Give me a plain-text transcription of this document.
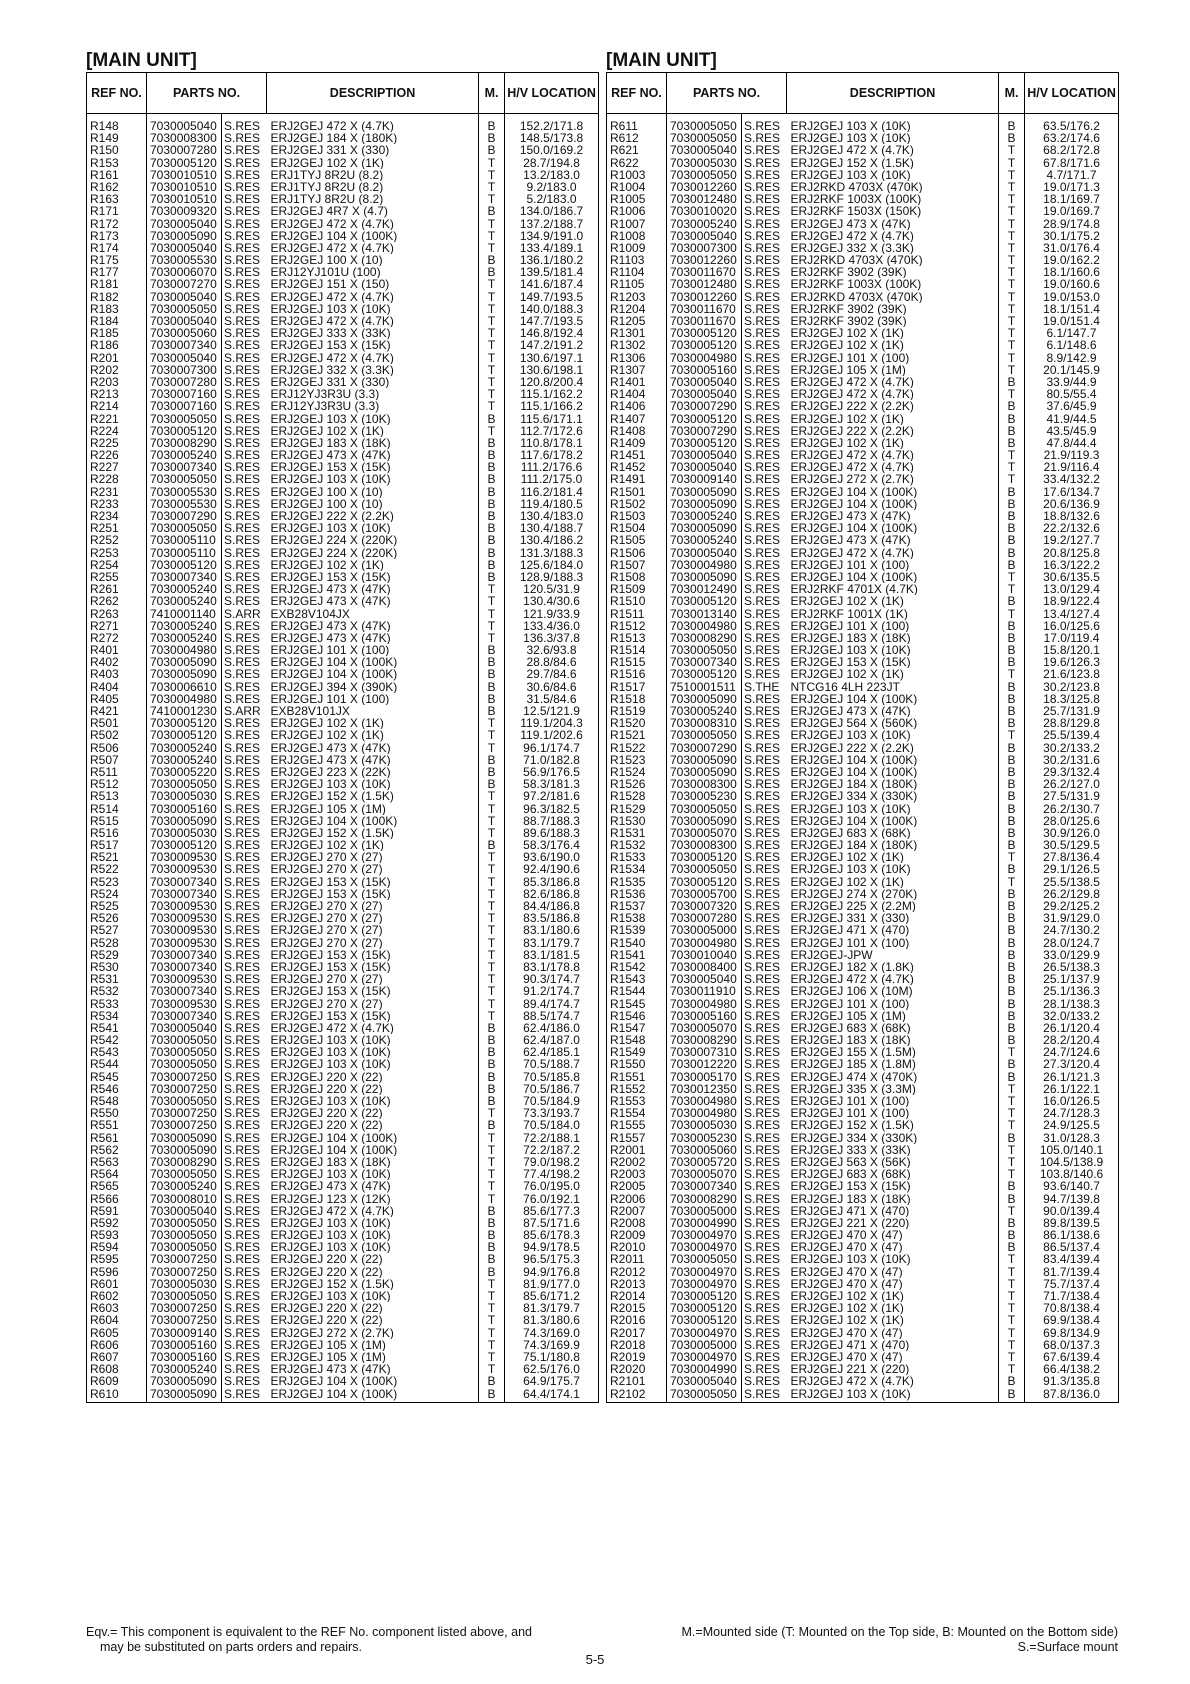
[MAIN UNIT]
REF NO.	PARTS NO.		DESCRIPTION	M.	H/V LOCATION
R148	7030005040	S.RES	ERJ2GEJ 472 X (4.7K)	B	152.2/171.8
R149	7030008300	S.RES	ERJ2GEJ 184 X (180K)	B	148.5/173.8
R150	7030007280	S.RES	ERJ2GEJ 331 X (330)	B	150.0/169.2
R153	7030005120	S.RES	ERJ2GEJ 102 X (1K)	T	28.7/194.8
R161	7030010510	S.RES	ERJ1TYJ 8R2U (8.2)	T	13.2/183.0
R162	7030010510	S.RES	ERJ1TYJ 8R2U (8.2)	T	9.2/183.0
R163	7030010510	S.RES	ERJ1TYJ 8R2U (8.2)	T	5.2/183.0
R171	7030009320	S.RES	ERJ2GEJ 4R7 X (4.7)	B	134.0/186.7
R172	7030005040	S.RES	ERJ2GEJ 472 X (4.7K)	T	137.2/188.7
R173	7030005090	S.RES	ERJ2GEJ 104 X (100K)	T	134.9/191.0
R174	7030005040	S.RES	ERJ2GEJ 472 X (4.7K)	T	133.4/189.1
R175	7030005530	S.RES	ERJ2GEJ 100 X (10)	B	136.1/180.2
R177	7030006070	S.RES	ERJ12YJ101U (100)	B	139.5/181.4
R181	7030007270	S.RES	ERJ2GEJ 151 X (150)	T	141.6/187.4
R182	7030005040	S.RES	ERJ2GEJ 472 X (4.7K)	T	149.7/193.5
R183	7030005050	S.RES	ERJ2GEJ 103 X (10K)	T	140.0/188.3
R184	7030005040	S.RES	ERJ2GEJ 472 X (4.7K)	T	147.7/193.5
R185	7030005060	S.RES	ERJ2GEJ 333 X (33K)	T	146.8/192.4
R186	7030007340	S.RES	ERJ2GEJ 153 X (15K)	T	147.2/191.2
R201	7030005040	S.RES	ERJ2GEJ 472 X (4.7K)	T	130.6/197.1
R202	7030007300	S.RES	ERJ2GEJ 332 X (3.3K)	T	130.6/198.1
R203	7030007280	S.RES	ERJ2GEJ 331 X (330)	T	120.8/200.4
R213	7030007160	S.RES	ERJ12YJ3R3U (3.3)	T	115.1/162.2
R214	7030007160	S.RES	ERJ12YJ3R3U (3.3)	T	115.1/166.2
R221	7030005050	S.RES	ERJ2GEJ 103 X (10K)	B	115.6/171.1
R224	7030005120	S.RES	ERJ2GEJ 102 X (1K)	T	112.7/172.6
R225	7030008290	S.RES	ERJ2GEJ 183 X (18K)	B	110.8/178.1
R226	7030005240	S.RES	ERJ2GEJ 473 X (47K)	B	117.6/178.2
R227	7030007340	S.RES	ERJ2GEJ 153 X (15K)	B	111.2/176.6
R228	7030005050	S.RES	ERJ2GEJ 103 X (10K)	B	111.2/175.0
R231	7030005530	S.RES	ERJ2GEJ 100 X (10)	B	116.2/181.4
R233	7030005530	S.RES	ERJ2GEJ 100 X (10)	B	119.4/180.5
R234	7030007290	S.RES	ERJ2GEJ 222 X (2.2K)	B	130.4/183.0
R251	7030005050	S.RES	ERJ2GEJ 103 X (10K)	B	130.4/188.7
R252	7030005110	S.RES	ERJ2GEJ 224 X (220K)	B	130.4/186.2
R253	7030005110	S.RES	ERJ2GEJ 224 X (220K)	B	131.3/188.3
R254	7030005120	S.RES	ERJ2GEJ 102 X (1K)	B	125.6/184.0
R255	7030007340	S.RES	ERJ2GEJ 153 X (15K)	B	128.9/188.3
R261	7030005240	S.RES	ERJ2GEJ 473 X (47K)	T	120.5/31.9
R262	7030005240	S.RES	ERJ2GEJ 473 X (47K)	T	130.4/30.6
R263	7410001140	S.ARR	EXB28V104JX	T	121.9/33.9
R271	7030005240	S.RES	ERJ2GEJ 473 X (47K)	T	133.4/36.0
R272	7030005240	S.RES	ERJ2GEJ 473 X (47K)	T	136.3/37.8
R401	7030004980	S.RES	ERJ2GEJ 101 X (100)	B	32.6/93.8
R402	7030005090	S.RES	ERJ2GEJ 104 X (100K)	B	28.8/84.6
R403	7030005090	S.RES	ERJ2GEJ 104 X (100K)	B	29.7/84.6
R404	7030006610	S.RES	ERJ2GEJ 394 X (390K)	B	30.6/84.6
R405	7030004980	S.RES	ERJ2GEJ 101 X (100)	B	31.5/84.6
R421	7410001230	S.ARR	EXB28V101JX	B	12.5/121.9
R501	7030005120	S.RES	ERJ2GEJ 102 X (1K)	T	119.1/204.3
R502	7030005120	S.RES	ERJ2GEJ 102 X (1K)	T	119.1/202.6
R506	7030005240	S.RES	ERJ2GEJ 473 X (47K)	T	96.1/174.7
R507	7030005240	S.RES	ERJ2GEJ 473 X (47K)	B	71.0/182.8
R511	7030005220	S.RES	ERJ2GEJ 223 X (22K)	B	56.9/176.5
R512	7030005050	S.RES	ERJ2GEJ 103 X (10K)	B	58.3/181.3
R513	7030005030	S.RES	ERJ2GEJ 152 X (1.5K)	T	97.2/181.6
R514	7030005160	S.RES	ERJ2GEJ 105 X (1M)	T	96.3/182.5
R515	7030005090	S.RES	ERJ2GEJ 104 X (100K)	T	88.7/188.3
R516	7030005030	S.RES	ERJ2GEJ 152 X (1.5K)	T	89.6/188.3
R517	7030005120	S.RES	ERJ2GEJ 102 X (1K)	B	58.3/176.4
R521	7030009530	S.RES	ERJ2GEJ 270 X (27)	T	93.6/190.0
R522	7030009530	S.RES	ERJ2GEJ 270 X (27)	T	92.4/190.6
R523	7030007340	S.RES	ERJ2GEJ 153 X (15K)	T	85.3/186.8
R524	7030007340	S.RES	ERJ2GEJ 153 X (15K)	T	82.6/186.8
R525	7030009530	S.RES	ERJ2GEJ 270 X (27)	T	84.4/186.8
R526	7030009530	S.RES	ERJ2GEJ 270 X (27)	T	83.5/186.8
R527	7030009530	S.RES	ERJ2GEJ 270 X (27)	T	83.1/180.6
R528	7030009530	S.RES	ERJ2GEJ 270 X (27)	T	83.1/179.7
R529	7030007340	S.RES	ERJ2GEJ 153 X (15K)	T	83.1/181.5
R530	7030007340	S.RES	ERJ2GEJ 153 X (15K)	T	83.1/178.8
R531	7030009530	S.RES	ERJ2GEJ 270 X (27)	T	90.3/174.7
R532	7030007340	S.RES	ERJ2GEJ 153 X (15K)	T	91.2/174.7
R533	7030009530	S.RES	ERJ2GEJ 270 X (27)	T	89.4/174.7
R534	7030007340	S.RES	ERJ2GEJ 153 X (15K)	T	88.5/174.7
R541	7030005040	S.RES	ERJ2GEJ 472 X (4.7K)	B	62.4/186.0
R542	7030005050	S.RES	ERJ2GEJ 103 X (10K)	B	62.4/187.0
R543	7030005050	S.RES	ERJ2GEJ 103 X (10K)	B	62.4/185.1
R544	7030005050	S.RES	ERJ2GEJ 103 X (10K)	B	70.5/188.7
R545	7030007250	S.RES	ERJ2GEJ 220 X (22)	B	70.5/185.8
R546	7030007250	S.RES	ERJ2GEJ 220 X (22)	B	70.5/186.7
R548	7030005050	S.RES	ERJ2GEJ 103 X (10K)	B	70.5/184.9
R550	7030007250	S.RES	ERJ2GEJ 220 X (22)	T	73.3/193.7
R551	7030007250	S.RES	ERJ2GEJ 220 X (22)	B	70.5/184.0
R561	7030005090	S.RES	ERJ2GEJ 104 X (100K)	T	72.2/188.1
R562	7030005090	S.RES	ERJ2GEJ 104 X (100K)	T	72.2/187.2
R563	7030008290	S.RES	ERJ2GEJ 183 X (18K)	T	79.0/198.2
R564	7030005050	S.RES	ERJ2GEJ 103 X (10K)	T	77.4/198.2
R565	7030005240	S.RES	ERJ2GEJ 473 X (47K)	T	76.0/195.0
R566	7030008010	S.RES	ERJ2GEJ 123 X (12K)	T	76.0/192.1
R591	7030005040	S.RES	ERJ2GEJ 472 X (4.7K)	B	85.6/177.3
R592	7030005050	S.RES	ERJ2GEJ 103 X (10K)	B	87.5/171.6
R593	7030005050	S.RES	ERJ2GEJ 103 X (10K)	B	85.6/178.3
R594	7030005050	S.RES	ERJ2GEJ 103 X (10K)	B	94.9/178.5
R595	7030007250	S.RES	ERJ2GEJ 220 X (22)	B	96.5/175.3
R596	7030007250	S.RES	ERJ2GEJ 220 X (22)	B	94.9/176.8
R601	7030005030	S.RES	ERJ2GEJ 152 X (1.5K)	T	81.9/177.0
R602	7030005050	S.RES	ERJ2GEJ 103 X (10K)	T	85.6/171.2
R603	7030007250	S.RES	ERJ2GEJ 220 X (22)	T	81.3/179.7
R604	7030007250	S.RES	ERJ2GEJ 220 X (22)	T	81.3/180.6
R605	7030009140	S.RES	ERJ2GEJ 272 X (2.7K)	T	74.3/169.0
R606	7030005160	S.RES	ERJ2GEJ 105 X (1M)	T	74.3/169.9
R607	7030005160	S.RES	ERJ2GEJ 105 X (1M)	T	75.1/180.8
R608	7030005240	S.RES	ERJ2GEJ 473 X (47K)	T	62.5/176.0
R609	7030005090	S.RES	ERJ2GEJ 104 X (100K)	B	64.9/175.7
R610	7030005090	S.RES	ERJ2GEJ 104 X (100K)	B	64.4/174.1
[MAIN UNIT]
REF NO.	PARTS NO.		DESCRIPTION	M.	H/V LOCATION
R611	7030005050	S.RES	ERJ2GEJ 103 X (10K)	B	63.5/176.2
R612	7030005050	S.RES	ERJ2GEJ 103 X (10K)	B	63.2/174.6
R621	7030005040	S.RES	ERJ2GEJ 472 X (4.7K)	T	68.2/172.8
R622	7030005030	S.RES	ERJ2GEJ 152 X (1.5K)	T	67.8/171.6
R1003	7030005050	S.RES	ERJ2GEJ 103 X (10K)	T	4.7/171.7
R1004	7030012260	S.RES	ERJ2RKD 4703X (470K)	T	19.0/171.3
R1005	7030012480	S.RES	ERJ2RKF 1003X (100K)	T	18.1/169.7
R1006	7030010020	S.RES	ERJ2RKF 1503X (150K)	T	19.0/169.7
R1007	7030005240	S.RES	ERJ2GEJ 473 X (47K)	T	28.9/174.8
R1008	7030005040	S.RES	ERJ2GEJ 472 X (4.7K)	T	30.1/175.2
R1009	7030007300	S.RES	ERJ2GEJ 332 X (3.3K)	T	31.0/176.4
R1103	7030012260	S.RES	ERJ2RKD 4703X (470K)	T	19.0/162.2
R1104	7030011670	S.RES	ERJ2RKF 3902 (39K)	T	18.1/160.6
R1105	7030012480	S.RES	ERJ2RKF 1003X (100K)	T	19.0/160.6
R1203	7030012260	S.RES	ERJ2RKD 4703X (470K)	T	19.0/153.0
R1204	7030011670	S.RES	ERJ2RKF 3902 (39K)	T	18.1/151.4
R1205	7030011670	S.RES	ERJ2RKF 3902 (39K)	T	19.0/151.4
R1301	7030005120	S.RES	ERJ2GEJ 102 X (1K)	T	6.1/147.7
R1302	7030005120	S.RES	ERJ2GEJ 102 X (1K)	T	6.1/148.6
R1306	7030004980	S.RES	ERJ2GEJ 101 X (100)	T	8.9/142.9
R1307	7030005160	S.RES	ERJ2GEJ 105 X (1M)	T	20.1/145.9
R1401	7030005040	S.RES	ERJ2GEJ 472 X (4.7K)	B	33.9/44.9
R1404	7030005040	S.RES	ERJ2GEJ 472 X (4.7K)	T	80.5/55.4
R1406	7030007290	S.RES	ERJ2GEJ 222 X (2.2K)	B	37.6/45.9
R1407	7030005120	S.RES	ERJ2GEJ 102 X (1K)	B	41.9/44.5
R1408	7030007290	S.RES	ERJ2GEJ 222 X (2.2K)	B	43.5/45.9
R1409	7030005120	S.RES	ERJ2GEJ 102 X (1K)	B	47.8/44.4
R1451	7030005040	S.RES	ERJ2GEJ 472 X (4.7K)	T	21.9/119.3
R1452	7030005040	S.RES	ERJ2GEJ 472 X (4.7K)	T	21.9/116.4
R1491	7030009140	S.RES	ERJ2GEJ 272 X (2.7K)	T	33.4/132.2
R1501	7030005090	S.RES	ERJ2GEJ 104 X (100K)	B	17.6/134.7
R1502	7030005090	S.RES	ERJ2GEJ 104 X (100K)	B	20.6/136.9
R1503	7030005240	S.RES	ERJ2GEJ 473 X (47K)	B	18.8/132.6
R1504	7030005090	S.RES	ERJ2GEJ 104 X (100K)	B	22.2/132.6
R1505	7030005240	S.RES	ERJ2GEJ 473 X (47K)	B	19.2/127.7
R1506	7030005040	S.RES	ERJ2GEJ 472 X (4.7K)	B	20.8/125.8
R1507	7030004980	S.RES	ERJ2GEJ 101 X (100)	B	16.3/122.2
R1508	7030005090	S.RES	ERJ2GEJ 104 X (100K)	T	30.6/135.5
R1509	7030012490	S.RES	ERJ2RKF 4701X (4.7K)	T	13.0/129.4
R1510	7030005120	S.RES	ERJ2GEJ 102 X (1K)	B	18.9/122.4
R1511	7030013140	S.RES	ERJ2RKF 1001X (1K)	T	13.4/127.4
R1512	7030004980	S.RES	ERJ2GEJ 101 X (100)	B	16.0/125.6
R1513	7030008290	S.RES	ERJ2GEJ 183 X (18K)	B	17.0/119.4
R1514	7030005050	S.RES	ERJ2GEJ 103 X (10K)	B	15.8/120.1
R1515	7030007340	S.RES	ERJ2GEJ 153 X (15K)	B	19.6/126.3
R1516	7030005120	S.RES	ERJ2GEJ 102 X (1K)	T	21.6/123.8
R1517	7510001511	S.THE	NTCG16 4LH 223JT	B	30.2/123.8
R1518	7030005090	S.RES	ERJ2GEJ 104 X (100K)	B	18.3/125.8
R1519	7030005240	S.RES	ERJ2GEJ 473 X (47K)	B	25.7/131.9
R1520	7030008310	S.RES	ERJ2GEJ 564 X (560K)	B	28.8/129.8
R1521	7030005050	S.RES	ERJ2GEJ 103 X (10K)	T	25.5/139.4
R1522	7030007290	S.RES	ERJ2GEJ 222 X (2.2K)	B	30.2/133.2
R1523	7030005090	S.RES	ERJ2GEJ 104 X (100K)	B	30.2/131.6
R1524	7030005090	S.RES	ERJ2GEJ 104 X (100K)	B	29.3/132.4
R1526	7030008300	S.RES	ERJ2GEJ 184 X (180K)	B	26.2/127.0
R1528	7030005230	S.RES	ERJ2GEJ 334 X (330K)	B	27.5/131.9
R1529	7030005050	S.RES	ERJ2GEJ 103 X (10K)	B	26.2/130.7
R1530	7030005090	S.RES	ERJ2GEJ 104 X (100K)	B	28.0/125.6
R1531	7030005070	S.RES	ERJ2GEJ 683 X (68K)	B	30.9/126.0
R1532	7030008300	S.RES	ERJ2GEJ 184 X (180K)	B	30.5/129.5
R1533	7030005120	S.RES	ERJ2GEJ 102 X (1K)	T	27.8/136.4
R1534	7030005050	S.RES	ERJ2GEJ 103 X (10K)	B	29.1/126.5
R1535	7030005120	S.RES	ERJ2GEJ 102 X (1K)	T	25.5/138.5
R1536	7030005700	S.RES	ERJ2GEJ 274 X (270K)	B	26.2/129.8
R1537	7030007320	S.RES	ERJ2GEJ 225 X (2.2M)	B	29.2/125.2
R1538	7030007280	S.RES	ERJ2GEJ 331 X (330)	B	31.9/129.0
R1539	7030005000	S.RES	ERJ2GEJ 471 X (470)	B	24.7/130.2
R1540	7030004980	S.RES	ERJ2GEJ 101 X (100)	B	28.0/124.7
R1541	7030010040	S.RES	ERJ2GEJ-JPW	B	33.0/129.9
R1542	7030008400	S.RES	ERJ2GEJ 182 X (1.8K)	B	26.5/138.3
R1543	7030005040	S.RES	ERJ2GEJ 472 X (4.7K)	B	25.1/137.9
R1544	7030011910	S.RES	ERJ2GEJ 106 X (10M)	B	25.1/136.3
R1545	7030004980	S.RES	ERJ2GEJ 101 X (100)	B	28.1/138.3
R1546	7030005160	S.RES	ERJ2GEJ 105 X (1M)	B	32.0/133.2
R1547	7030005070	S.RES	ERJ2GEJ 683 X (68K)	B	26.1/120.4
R1548	7030008290	S.RES	ERJ2GEJ 183 X (18K)	B	28.2/120.4
R1549	7030007310	S.RES	ERJ2GEJ 155 X (1.5M)	T	24.7/124.6
R1550	7030012220	S.RES	ERJ2GEJ 185 X (1.8M)	B	27.3/120.4
R1551	7030005170	S.RES	ERJ2GEJ 474 X (470K)	B	26.1/121.3
R1552	7030012350	S.RES	ERJ2GEJ 335 X (3.3M)	T	26.1/122.1
R1553	7030004980	S.RES	ERJ2GEJ 101 X (100)	T	16.0/126.5
R1554	7030004980	S.RES	ERJ2GEJ 101 X (100)	T	24.7/128.3
R1555	7030005030	S.RES	ERJ2GEJ 152 X (1.5K)	T	24.9/125.5
R1557	7030005230	S.RES	ERJ2GEJ 334 X (330K)	B	31.0/128.3
R2001	7030005060	S.RES	ERJ2GEJ 333 X (33K)	T	105.0/140.1
R2002	7030005720	S.RES	ERJ2GEJ 563 X (56K)	T	104.5/138.9
R2003	7030005070	S.RES	ERJ2GEJ 683 X (68K)	T	103.8/140.6
R2005	7030007340	S.RES	ERJ2GEJ 153 X (15K)	B	93.6/140.7
R2006	7030008290	S.RES	ERJ2GEJ 183 X (18K)	B	94.7/139.8
R2007	7030005000	S.RES	ERJ2GEJ 471 X (470)	T	90.0/139.4
R2008	7030004990	S.RES	ERJ2GEJ 221 X (220)	B	89.8/139.5
R2009	7030004970	S.RES	ERJ2GEJ 470 X (47)	B	86.1/138.6
R2010	7030004970	S.RES	ERJ2GEJ 470 X (47)	B	86.5/137.4
R2011	7030005050	S.RES	ERJ2GEJ 103 X (10K)	T	83.4/139.4
R2012	7030004970	S.RES	ERJ2GEJ 470 X (47)	T	81.7/139.4
R2013	7030004970	S.RES	ERJ2GEJ 470 X (47)	T	75.7/137.4
R2014	7030005120	S.RES	ERJ2GEJ 102 X (1K)	T	71.7/138.4
R2015	7030005120	S.RES	ERJ2GEJ 102 X (1K)	T	70.8/138.4
R2016	7030005120	S.RES	ERJ2GEJ 102 X (1K)	T	69.9/138.4
R2017	7030004970	S.RES	ERJ2GEJ 470 X (47)	T	69.8/134.9
R2018	7030005000	S.RES	ERJ2GEJ 471 X (470)	T	68.0/137.3
R2019	7030004970	S.RES	ERJ2GEJ 470 X (47)	T	67.6/139.4
R2020	7030004990	S.RES	ERJ2GEJ 221 X (220)	T	66.4/138.2
R2101	7030005040	S.RES	ERJ2GEJ 472 X (4.7K)	B	91.3/135.8
R2102	7030005050	S.RES	ERJ2GEJ 103 X (10K)	B	87.8/136.0
Eqv.= This component is equivalent to the REF No. component listed above, and
may be substituted on parts orders and repairs.
M.=Mounted side (T: Mounted on the Top side, B: Mounted on the Bottom side)
S.=Surface mount
5-5
